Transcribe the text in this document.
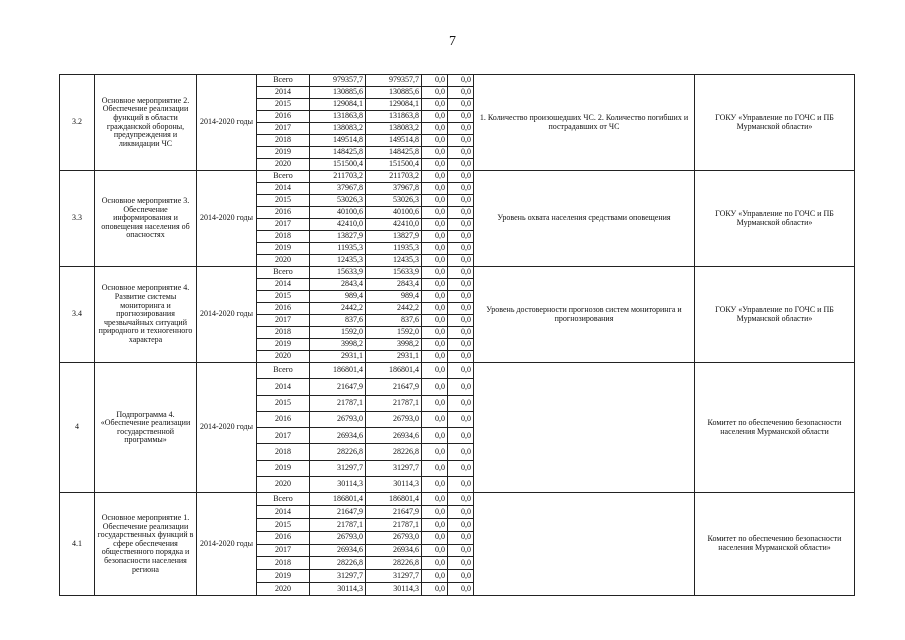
7
3.2	Основное мероприятие 2. Обеспечение реализации функций в области гражданской обороны, предупреждения и ликвидации ЧС	2014-2020 годы	Всего	979357,7	979357,7	0,0	0,0	1. Количество произошедших ЧС. 2. Количество погибших и пострадавших от ЧС	ГОКУ «Управление по ГОЧС и ПБ Мурманской области»
			2014	130885,6	130885,6	0,0	0,0		
			2015	129084,1	129084,1	0,0	0,0		
			2016	131863,8	131863,8	0,0	0,0		
			2017	138083,2	138083,2	0,0	0,0		
			2018	149514,8	149514,8	0,0	0,0		
			2019	148425,8	148425,8	0,0	0,0		
			2020	151500,4	151500,4	0,0	0,0		
3.3	Основное мероприятие 3. Обеспечение информирования и оповещения населения об опасностях	2014-2020 годы	Всего	211703,2	211703,2	0,0	0,0	Уровень охвата населения средствами оповещения	ГОКУ «Управление по ГОЧС и ПБ Мурманской области»
			2014	37967,8	37967,8	0,0	0,0		
			2015	53026,3	53026,3	0,0	0,0		
			2016	40100,6	40100,6	0,0	0,0		
			2017	42410,0	42410,0	0,0	0,0		
			2018	13827,9	13827,9	0,0	0,0		
			2019	11935,3	11935,3	0,0	0,0		
			2020	12435,3	12435,3	0,0	0,0		
3.4	Основное мероприятие 4. Развитие системы мониторинга и прогнозирования чрезвычайных ситуаций природного и техногенного характера	2014-2020 годы	Всего	15633,9	15633,9	0,0	0,0	Уровень достоверности прогнозов систем мониторинга и прогнозирования	ГОКУ «Управление по ГОЧС и ПБ Мурманской области»
			2014	2843,4	2843,4	0,0	0,0		
			2015	989,4	989,4	0,0	0,0		
			2016	2442,2	2442,2	0,0	0,0		
			2017	837,6	837,6	0,0	0,0		
			2018	1592,0	1592,0	0,0	0,0		
			2019	3998,2	3998,2	0,0	0,0		
			2020	2931,1	2931,1	0,0	0,0		
4	Подпрограмма 4. «Обеспечение реализации государственной программы»	2014-2020 годы	Всего	186801,4	186801,4	0,0	0,0		Комитет по обеспечению безопасности населения Мурманской области
			2014	21647,9	21647,9	0,0	0,0		
			2015	21787,1	21787,1	0,0	0,0		
			2016	26793,0	26793,0	0,0	0,0		
			2017	26934,6	26934,6	0,0	0,0		
			2018	28226,8	28226,8	0,0	0,0		
			2019	31297,7	31297,7	0,0	0,0		
			2020	30114,3	30114,3	0,0	0,0		
4.1	Основное мероприятие 1. Обеспечение реализации государственных функций в сфере обеспечения общественного порядка и безопасности населения региона	2014-2020 годы	Всего	186801,4	186801,4	0,0	0,0		Комитет по обеспечению безопасности населения Мурманской области»
			2014	21647,9	21647,9	0,0	0,0		
			2015	21787,1	21787,1	0,0	0,0		
			2016	26793,0	26793,0	0,0	0,0		
			2017	26934,6	26934,6	0,0	0,0		
			2018	28226,8	28226,8	0,0	0,0		
			2019	31297,7	31297,7	0,0	0,0		
			2020	30114,3	30114,3	0,0	0,0		
